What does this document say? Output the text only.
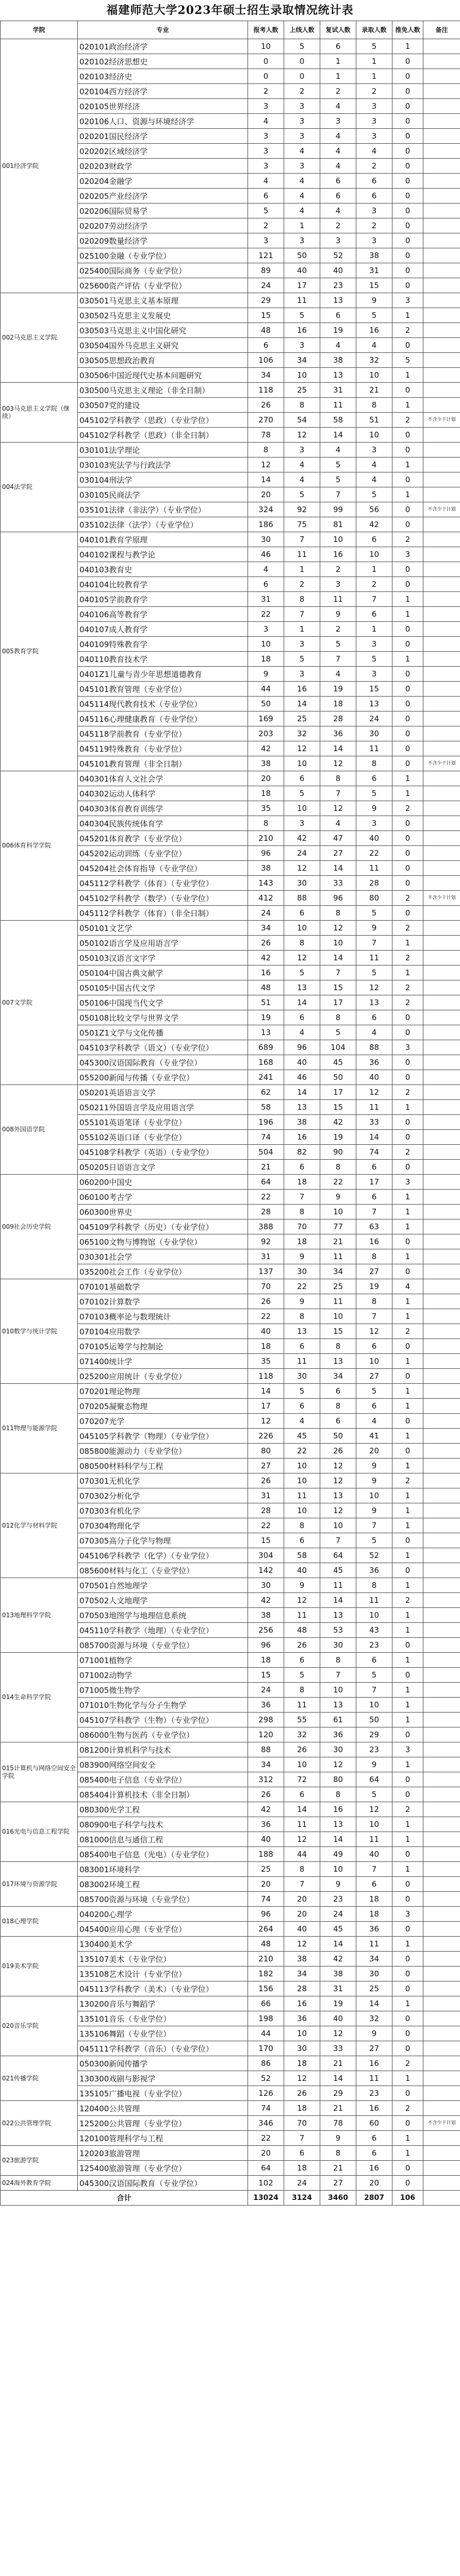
福建师范大学2023年硕士招生录取情况统计表
学院	专业	报考人数	上线人数	复试人数	录取人数	推免人数	备注
001经济学院	020101政治经济学	10	5	6	5	1	
	020102经济思想史	0	0	1	1	0	
	020103经济史	0	0	1	1	0	
	020104西方经济学	2	2	2	2	0	
	020105世界经济	3	3	4	3	0	
	020106人口、资源与环境经济学	4	3	3	3	0	
	020201国民经济学	3	3	4	3	0	
	020202区域经济学	3	4	4	4	0	
	020203财政学	3	3	4	2	0	
	020204金融学	4	4	6	6	0	
	020205产业经济学	6	4	6	6	0	
	020206国际贸易学	5	4	4	3	0	
	020207劳动经济学	2	1	2	2	0	
	020209数量经济学	3	3	3	3	0	
	025100金融（专业学位）	121	50	52	38	0	
	025400国际商务（专业学位）	89	40	40	31	0	
	025600资产评估（专业学位）	24	17	23	15	0	
002马克思主义学院	030501马克思主义基本原理	29	11	13	9	3	
	030502马克思主义发展史	15	5	6	5	1	
	030503马克思主义中国化研究	48	16	19	16	2	
	030504国外马克思主义研究	6	3	4	4	0	
	030505思想政治教育	106	34	38	32	5	
	030506中国近现代史基本问题研究	34	10	13	10	1	
003马克思主义学院（继续）	030500马克思主义理论（非全日制）	118	25	31	21	0	
	030507党的建设	26	8	11	8	1	
	045102学科教学（思政）（专业学位）	270	54	58	51	2	不含少干计划
	045102学科教学（思政）（非全日制）	78	12	14	10	0	
004法学院	030101法学理论	8	3	4	3	0	
	030103宪法学与行政法学	12	4	5	4	1	
	030104刑法学	14	4	5	4	0	
	030105民商法学	20	5	7	5	1	
	035101法律（非法学）（专业学位）	324	92	99	56	0	不含少干计划
	035102法律（法学）（专业学位）	186	75	81	42	0	
005教育学院	040101教育学原理	30	7	10	6	2	
	040102课程与教学论	46	11	16	10	3	
	040103教育史	4	1	2	1	0	
	040104比较教育学	6	2	3	2	0	
	040105学前教育学	31	8	11	7	1	
	040106高等教育学	22	7	9	6	1	
	040107成人教育学	3	1	2	1	0	
	040109特殊教育学	10	3	5	3	0	
	040110教育技术学	18	5	7	5	1	
	0401Z1儿童与青少年思想道德教育	9	3	4	3	0	
	045101教育管理（专业学位）	44	16	19	15	0	
	045114现代教育技术（专业学位）	50	14	18	13	0	
	045116心理健康教育（专业学位）	169	25	28	24	0	
	045118学前教育（专业学位）	203	32	36	30	0	
	045119特殊教育（专业学位）	42	12	14	11	0	
	045101教育管理（非全日制）	38	10	12	8	0	不含少干计划
006体育科学学院	040301体育人文社会学	20	6	8	6	1	
	040302运动人体科学	18	5	7	5	1	
	040303体育教育训练学	35	10	12	9	2	
	040304民族传统体育学	8	3	4	3	0	
	045201体育教学（专业学位）	210	42	47	40	0	
	045202运动训练（专业学位）	96	24	27	22	0	
	045204社会体育指导（专业学位）	38	12	14	11	0	
	045112学科教学（体育）（专业学位）	143	30	33	28	0	
	045102学科教学（数学）（专业学位）	412	88	96	80	2	不含少干计划
	045112学科教学（体育）（非全日制）	24	6	8	5	0	
007文学院	050101文艺学	34	10	12	9	2	
	050102语言学及应用语言学	26	8	10	7	1	
	050103汉语言文字学	42	12	14	11	2	
	050104中国古典文献学	16	5	7	5	1	
	050105中国古代文学	48	13	15	12	2	
	050106中国现当代文学	51	14	17	13	2	
	050108比较文学与世界文学	19	6	8	6	0	
	0501Z1文学与文化传播	13	4	5	4	0	
	045103学科教学（语文）（专业学位）	689	96	104	88	3	
	045300汉语国际教育（专业学位）	168	40	45	36	0	
	055200新闻与传播（专业学位）	241	46	50	40	0	
008外国语学院	050201英语语言文学	62	14	17	12	2	
	050211外国语言学及应用语言学	58	13	15	11	1	
	055101英语笔译（专业学位）	196	38	42	33	0	
	055102英语口译（专业学位）	74	16	19	14	0	
	045108学科教学（英语）（专业学位）	504	82	90	74	2	
	050205日语语言文学	21	6	8	6	0	
009社会历史学院	060200中国史	64	18	22	17	3	
	060100考古学	22	7	9	6	1	
	060300世界史	28	8	10	7	1	
	045109学科教学（历史）（专业学位）	388	70	77	63	1	
	065100文物与博物馆（专业学位）	92	18	21	16	0	
	030301社会学	31	9	11	8	1	
	035200社会工作（专业学位）	137	30	34	27	0	
010数学与统计学院	070101基础数学	70	22	25	19	4	
	070102计算数学	26	9	11	8	1	
	070103概率论与数理统计	22	8	10	7	1	
	070104应用数学	40	13	15	12	2	
	070105运筹学与控制论	18	6	8	6	0	
	071400统计学	35	11	13	10	1	
	025200应用统计（专业学位）	118	30	34	27	0	
011物理与能源学院	070201理论物理	14	5	6	5	1	
	070205凝聚态物理	17	6	8	6	1	
	070207光学	12	4	6	4	0	
	045105学科教学（物理）（专业学位）	226	45	50	41	1	
	085800能源动力（专业学位）	80	22	26	20	0	
	080500材料科学与工程	27	10	12	9	1	
012化学与材料学院	070301无机化学	26	10	12	9	2	
	070302分析化学	31	11	13	10	1	
	070303有机化学	28	10	12	9	1	
	070304物理化学	22	8	10	7	1	
	070305高分子化学与物理	15	6	7	5	0	
	045106学科教学（化学）（专业学位）	304	58	64	52	1	
	085600材料与化工（专业学位）	142	40	45	36	0	
013地理科学学院	070501自然地理学	30	9	11	8	1	
	070502人文地理学	42	12	14	11	2	
	070503地图学与地理信息系统	38	11	13	10	1	
	045110学科教学（地理）（专业学位）	256	48	53	43	1	
	085700资源与环境（专业学位）	96	26	30	23	0	
014生命科学学院	071001植物学	18	6	8	6	1	
	071002动物学	15	5	7	5	0	
	071005微生物学	24	8	10	7	1	
	071010生物化学与分子生物学	36	11	13	10	1	
	045107学科教学（生物）（专业学位）	298	55	61	50	1	
	086000生物与医药（专业学位）	120	32	36	29	0	
015计算机与网络空间安全学院	081200计算机科学与技术	88	26	30	23	3	
	083900网络空间安全	34	10	12	9	1	
	085400电子信息（专业学位）	312	72	80	64	0	
	085404计算机技术（非全日制）	26	6	8	5	0	
016光电与信息工程学院	080300光学工程	42	14	16	12	2	
	080900电子科学与技术	36	11	13	10	1	
	081000信息与通信工程	40	12	14	11	1	
	085400电子信息（光电）（专业学位）	188	44	49	40	0	
017环境与资源学院	083001环境科学	25	8	10	7	1	
	083002环境工程	20	7	9	6	0	
	085700资源与环境（专业学位）	74	20	23	18	0	
018心理学院	040200心理学	96	20	24	18	3	
	045400应用心理（专业学位）	264	40	45	36	0	
019美术学院	130400美术学	48	12	14	11	1	
	135107美术（专业学位）	210	38	42	34	0	
	135108艺术设计（专业学位）	182	34	38	30	0	
	045113学科教学（美术）（专业学位）	156	28	31	25	0	
020音乐学院	130200音乐与舞蹈学	66	16	19	14	1	
	135101音乐（专业学位）	198	36	40	32	0	
	135106舞蹈（专业学位）	44	10	12	9	0	
	045111学科教学（音乐）（专业学位）	170	30	33	27	0	
021传播学院	050300新闻传播学	86	18	21	16	2	
	130300戏剧与影视学	52	12	14	11	1	
	135105广播电视（专业学位）	126	26	29	23	0	
022公共管理学院	120400公共管理	74	18	21	16	2	
	125200公共管理（专业学位）	346	70	78	60	0	不含少干计划
	120100管理科学与工程	22	7	9	6	1	
023旅游学院	120203旅游管理	20	6	8	6	1	
	125400旅游管理（专业学位）	64	18	21	16	0	
024海外教育学院	045300汉语国际教育（专业学位）	102	24	27	20	0	
合计		13024	3124	3460	2807	106	
